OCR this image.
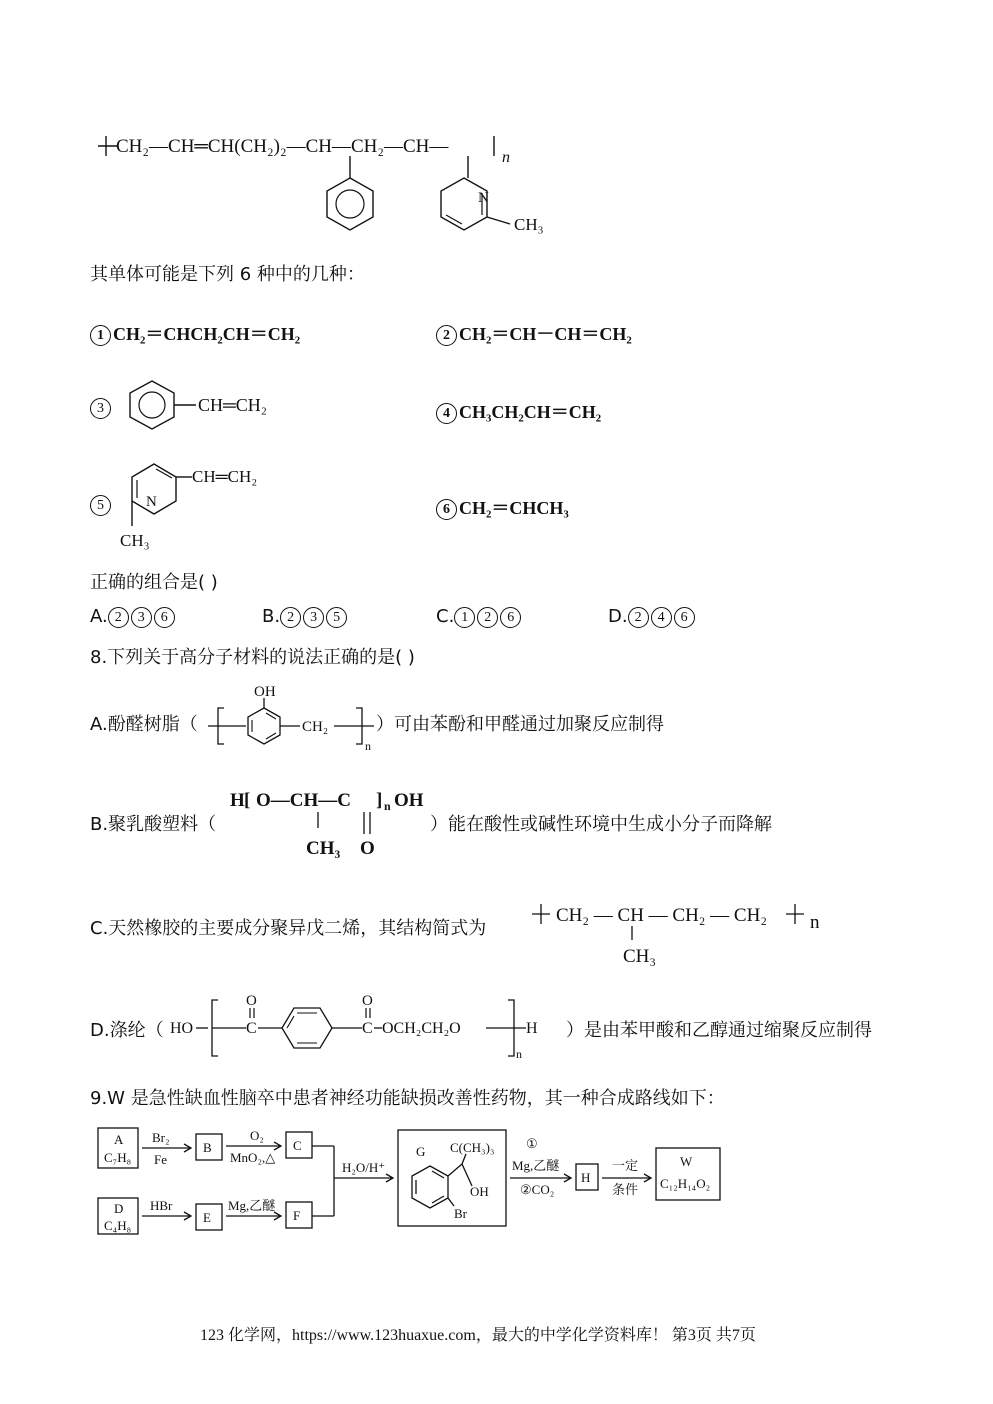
CH₂—CH═CH(CH₂)₂—CH—CH₂—CH—
n
N
CH₃
其单体可能是下列 6 种中的几种：
1 CH₂＝CHCH₂CH＝CH₂	2 CH₂＝CH－CH＝CH₂
3	CH═CH₂	4 CH₃CH₂CH＝CH₂
5	N
CH═CH₂
CH₃
6 CH₂＝CHCH₃
正确的组合是( )
A. 2 3 6	B. 2 3 5	C. 1 2 6	D. 2 4 6
8.下列关于高分子材料的说法正确的是( )
A.酚醛树脂（
OH
CH₂
n
）可由苯酚和甲醛通过加聚反应制得
B.聚乳酸塑料（
H [ O—CH—C ] n OH
CH₃ O
）能在酸性或碱性环境中生成小分子而降解
C.天然橡胶的主要成分聚异戊二烯，其结构简式为
CH₂ — CH — CH₂ — CH₂ n
CH₃
D.涤纶（ HO	C
O
C
O
OCH₂CH₂O
n
H ）是由苯甲酸和乙醇通过缩聚反应制得
9.W 是急性缺血性脑卒中患者神经功能缺损改善性药物，其一种合成路线如下：
A
C₇H₈
B	C
D
C₄H₈
E	F
G C(CH₃)₃
OH
Br
H
W
C₁₂H₁₄O₂
Br₂
Fe
O₂
MnO₂,△
HBr	Mg,乙醚
H₂O/H⁺
①
Mg,乙醚
②CO₂
一定
条件
123 化学网，https://www.123huaxue.com，最大的中学化学资料库！ 第3页 共7页
